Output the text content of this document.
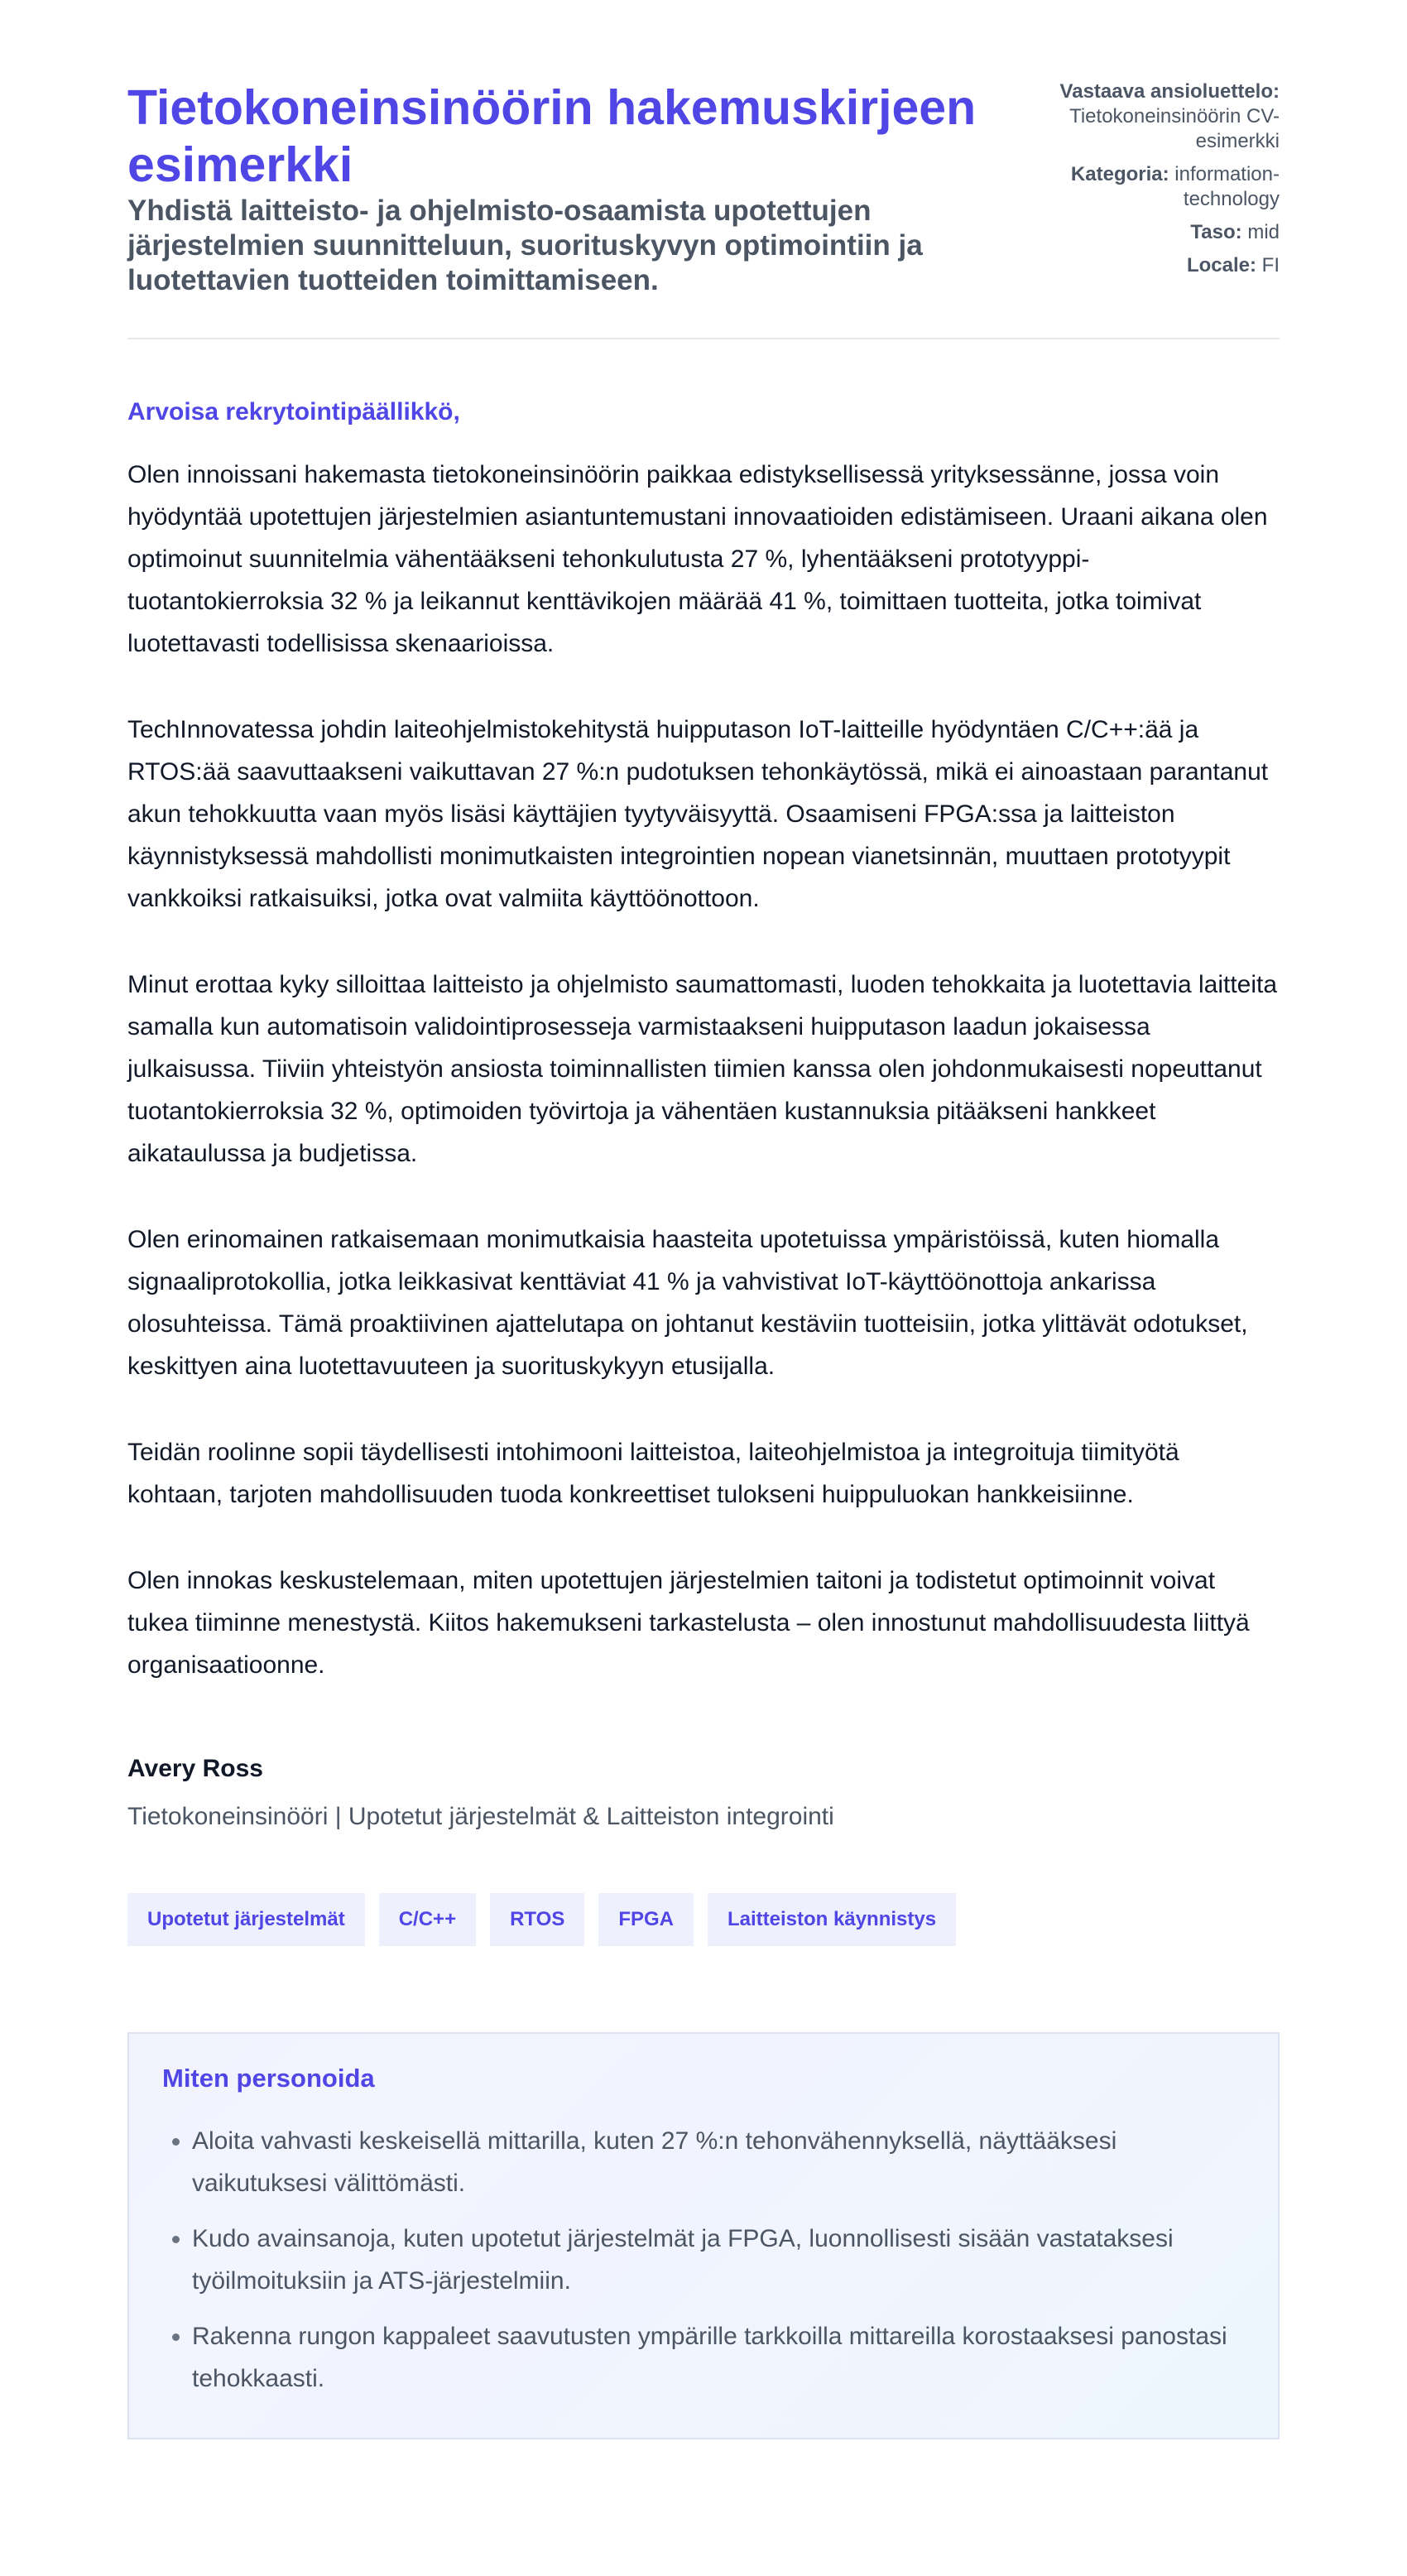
Tietokoneinsinöörin hakemuskirjeen esimerkki
Yhdistä laitteisto- ja ohjelmisto-osaamista upotettujen järjestelmien suunnitteluun, suorituskyvyn optimointiin ja luotettavien tuotteiden toimittamiseen.
Vastaava ansioluettelo:
Tietokoneinsinöörin CV-esimerkki
Kategoria: information-technology
Taso: mid
Locale: FI

Arvoisa rekrytointipäällikkö,

Olen innoissani hakemasta tietokoneinsinöörin paikkaa edistyksellisessä yrityksessänne, jossa voin hyödyntää upotettujen järjestelmien asiantuntemustani innovaatioiden edistämiseen. Uraani aikana olen optimoinut suunnitelmia vähentääkseni tehonkulutusta 27 %, lyhentääkseni prototyyppi-tuotantokierroksia 32 % ja leikannut kenttävikojen määrää 41 %, toimittaen tuotteita, jotka toimivat luotettavasti todellisissa skenaarioissa.

TechInnovatessa johdin laiteohjelmistokehitystä huipputason IoT-laitteille hyödyntäen C/C++:ää ja RTOS:ää saavuttaakseni vaikuttavan 27 %:n pudotuksen tehonkäytössä, mikä ei ainoastaan parantanut akun tehokkuutta vaan myös lisäsi käyttäjien tyytyväisyyttä. Osaamiseni FPGA:ssa ja laitteiston käynnistyksessä mahdollisti monimutkaisten integrointien nopean vianetsinnän, muuttaen prototyypit vankkoiksi ratkaisuiksi, jotka ovat valmiita käyttöönottoon.

Minut erottaa kyky silloittaa laitteisto ja ohjelmisto saumattomasti, luoden tehokkaita ja luotettavia laitteita samalla kun automatisoin validointiprosesseja varmistaakseni huipputason laadun jokaisessa julkaisussa. Tiiviin yhteistyön ansiosta toiminnallisten tiimien kanssa olen johdonmukaisesti nopeuttanut tuotantokierroksia 32 %, optimoiden työvirtoja ja vähentäen kustannuksia pitääkseni hankkeet aikataulussa ja budjetissa.

Olen erinomainen ratkaisemaan monimutkaisia haasteita upotetuissa ympäristöissä, kuten hiomalla signaaliprotokollia, jotka leikkasivat kenttäviat 41 % ja vahvistivat IoT-käyttöönottoja ankarissa olosuhteissa. Tämä proaktiivinen ajattelutapa on johtanut kestäviin tuotteisiin, jotka ylittävät odotukset, keskittyen aina luotettavuuteen ja suorituskykyyn etusijalla.

Teidän roolinne sopii täydellisesti intohimooni laitteistoa, laiteohjelmistoa ja integroituja tiimityötä kohtaan, tarjoten mahdollisuuden tuoda konkreettiset tulokseni huippuluokan hankkeisiinne.

Olen innokas keskustelemaan, miten upotettujen järjestelmien taitoni ja todistetut optimoinnit voivat tukea tiiminne menestystä. Kiitos hakemukseni tarkastelusta – olen innostunut mahdollisuudesta liittyä organisaatioonne.

Avery Ross
Tietokoneinsinööri | Upotetut järjestelmät & Laitteiston integrointi
Upotetut järjestelmät	C/C++	RTOS	FPGA	Laitteiston käynnistys
Miten personoida
• Aloita vahvasti keskeisellä mittarilla, kuten 27 %:n tehonvähennyksellä, näyttääksesi vaikutuksesi välittömästi.
• Kudo avainsanoja, kuten upotetut järjestelmät ja FPGA, luonnollisesti sisään vastataksesi työilmoituksiin ja ATS-järjestelmiin.
• Rakenna rungon kappaleet saavutusten ympärille tarkkoilla mittareilla korostaaksesi panostasi tehokkaasti.
